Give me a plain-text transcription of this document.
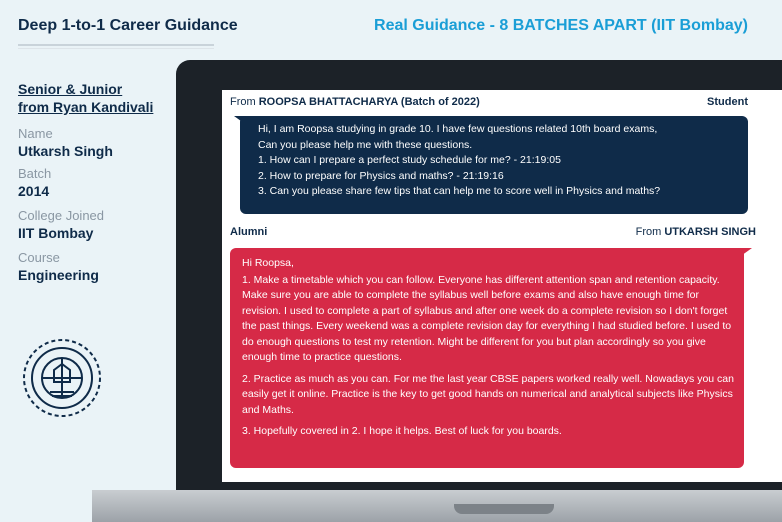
Deep 1-to-1 Career Guidance	Real Guidance - 8 BATCHES APART (IIT Bombay)
Senior & Junior
from Ryan Kandivali
Name
Utkarsh Singh
Batch
2014
College Joined
IIT Bombay
Course
Engineering
From ROOPSA BHATTACHARYA (Batch of 2022)	Student
Hi, I am Roopsa studying in grade 10. I have few questions related 10th board exams,
Can you please help me with these questions.
1. How can I prepare a perfect study schedule for me? - 21:19:05
2. How to prepare for Physics and maths? - 21:19:16
3. Can you please share few tips that can help me to score well in Physics and maths?
Alumni	From UTKARSH SINGH

Hi Roopsa,

1. Make a timetable which you can follow. Everyone has different attention span and retention capacity. Make sure you are able to complete the syllabus well before exams and also have enough time for revision. I used to complete a part of syllabus and after one week do a complete revision so I don't forget the past things. Every weekend was a complete revision day for everything I had studied before. I used to do enough questions to test my retention. Might be different for you but plan accordingly so you give enough time to practice questions.

2. Practice as much as you can. For me the last year CBSE papers worked really well. Nowadays you can easily get it online. Practice is the key to get good hands on numerical and analytical subjects like Physics and Maths.

3. Hopefully covered in 2. I hope it helps. Best of luck for you boards.
